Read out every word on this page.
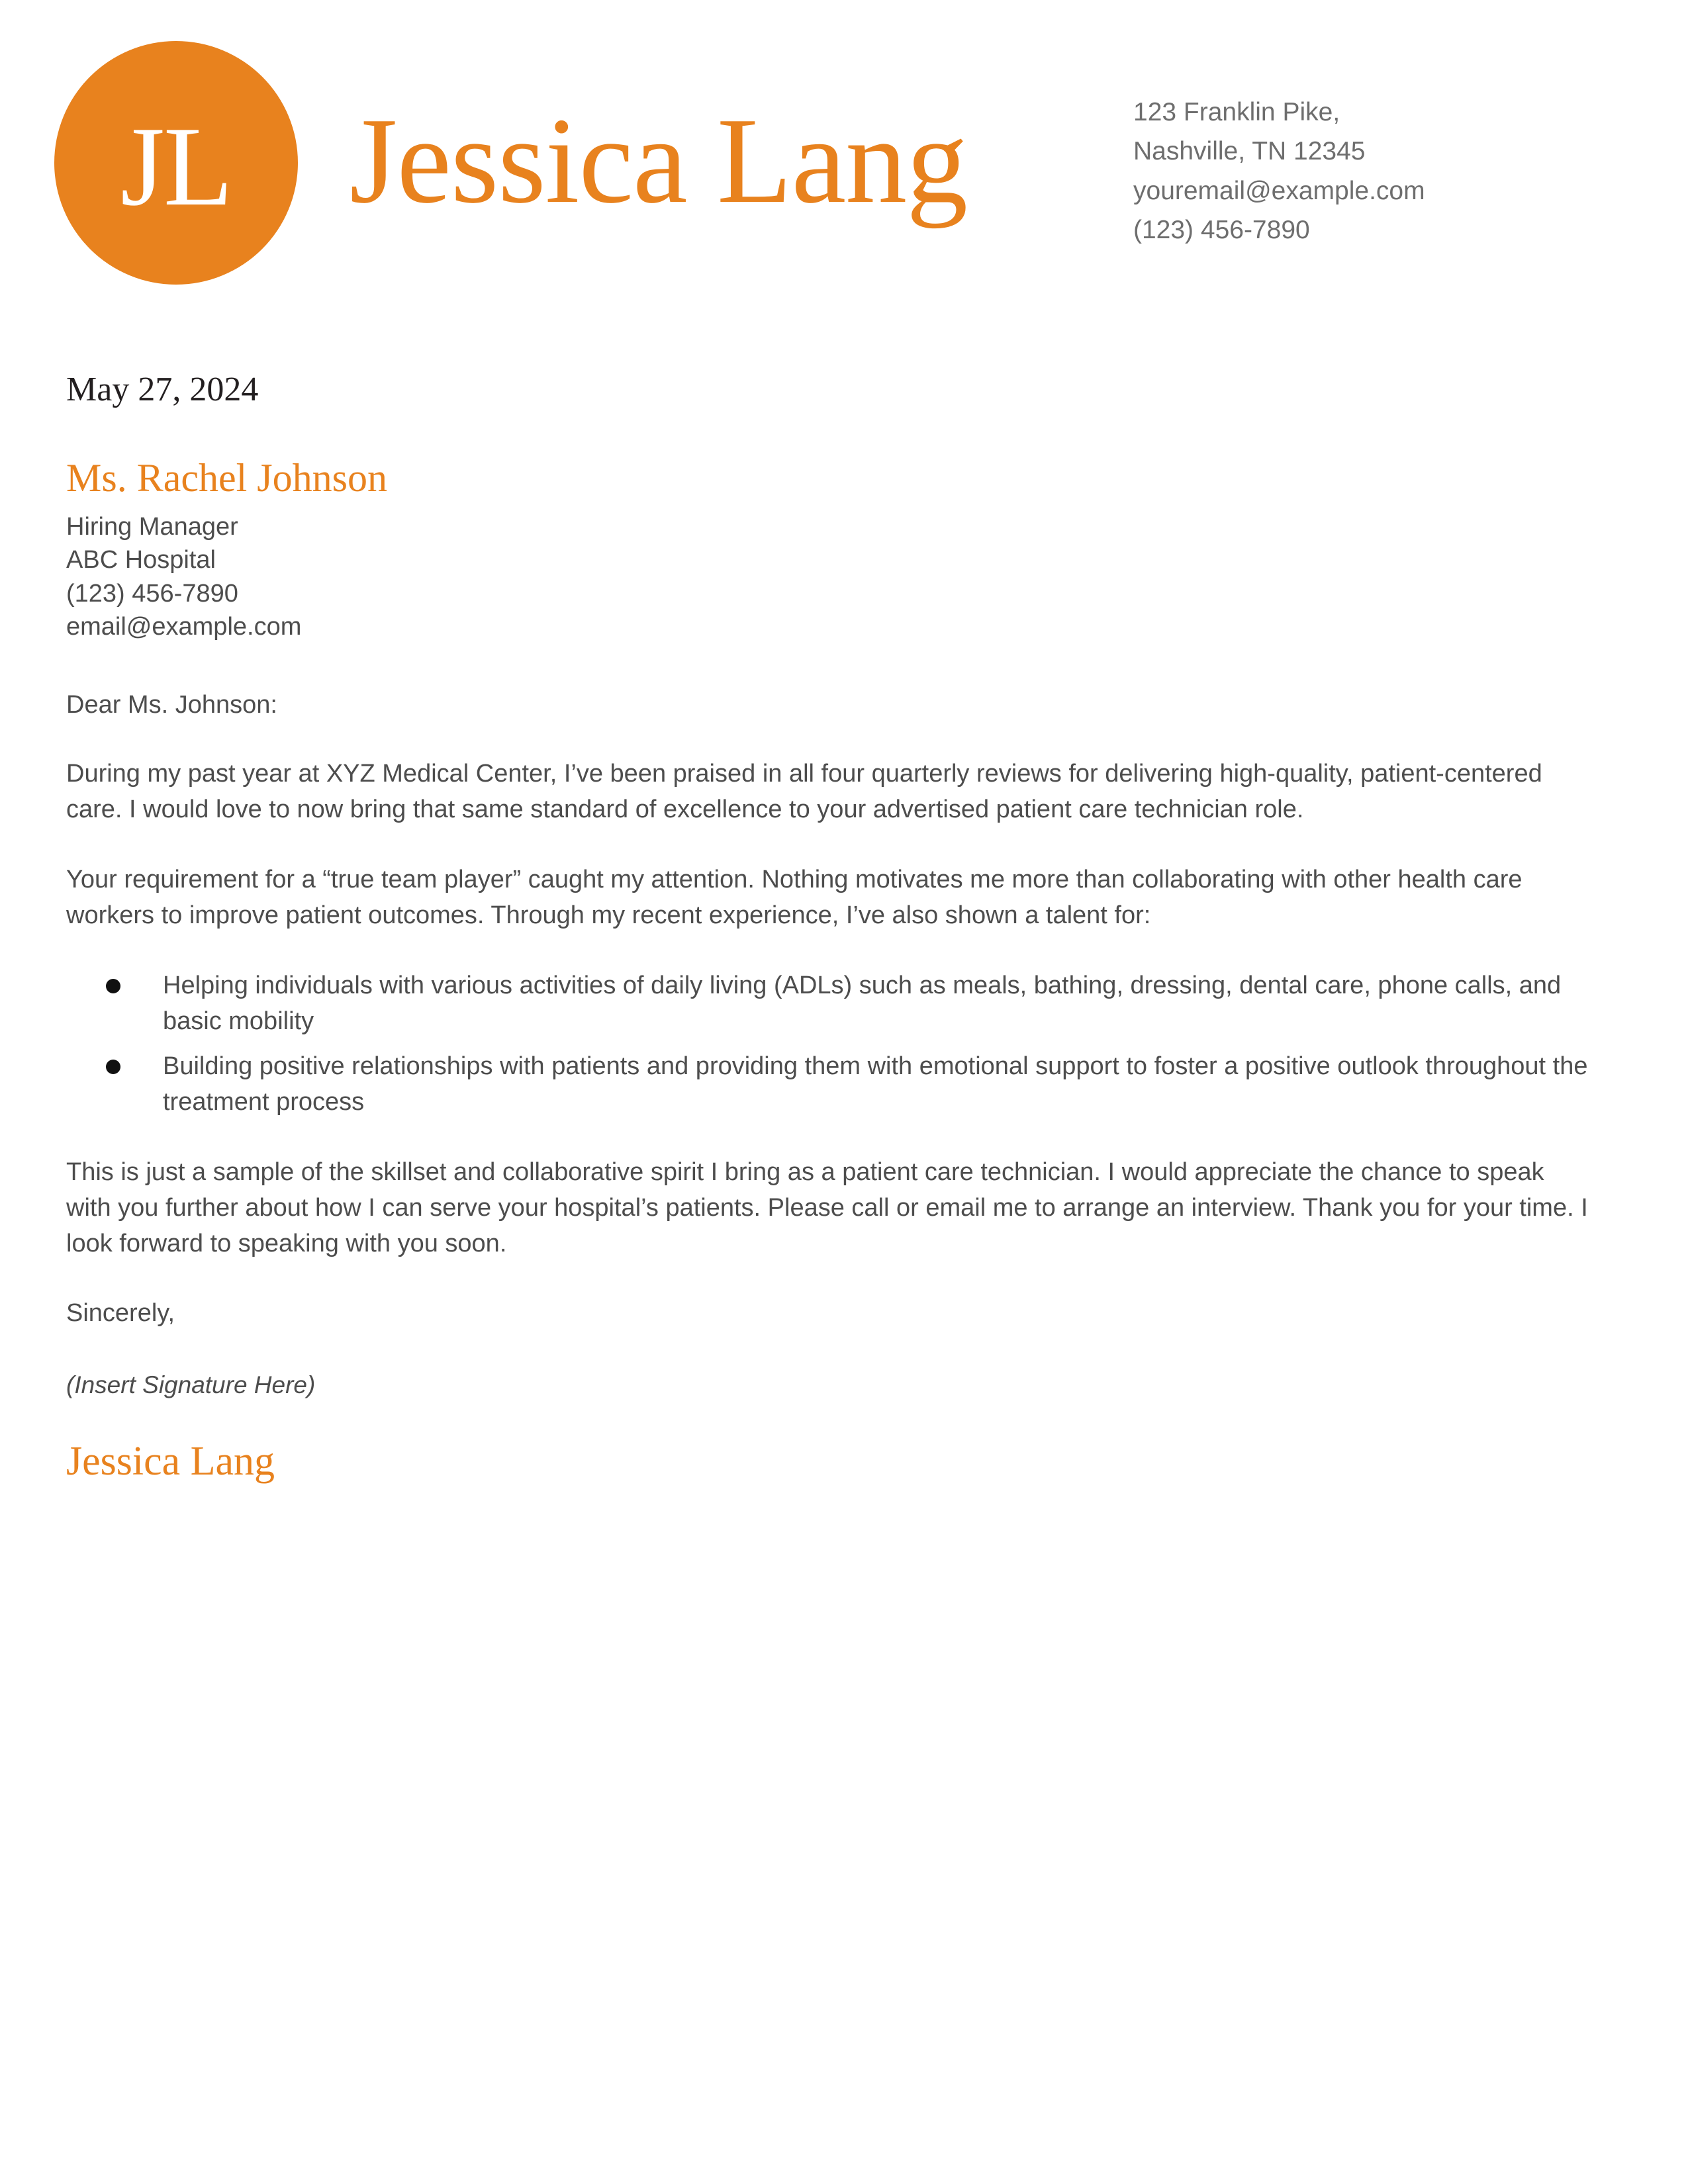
JL Jessica Lang	123 Franklin Pike,
Nashville, TN 12345
youremail@example.com
(123) 456-7890

May 27, 2024

Ms. Rachel Johnson

Hiring Manager
ABC Hospital
(123) 456-7890
email@example.com

Dear Ms. Johnson:

During my past year at XYZ Medical Center, I’ve been praised in all four quarterly reviews for delivering high-quality, patient-centered care. I would love to now bring that same standard of excellence to your advertised patient care technician role.

Your requirement for a “true team player” caught my attention. Nothing motivates me more than collaborating with other health care workers to improve patient outcomes. Through my recent experience, I’ve also shown a talent for:

Helping individuals with various activities of daily living (ADLs) such as meals, bathing, dressing, dental care, phone calls, and basic mobility
Building positive relationships with patients and providing them with emotional support to foster a positive outlook throughout the treatment process

This is just a sample of the skillset and collaborative spirit I bring as a patient care technician. I would appreciate the chance to speak with you further about how I can serve your hospital’s patients. Please call or email me to arrange an interview. Thank you for your time. I look forward to speaking with you soon.

Sincerely,

(Insert Signature Here)

Jessica Lang
